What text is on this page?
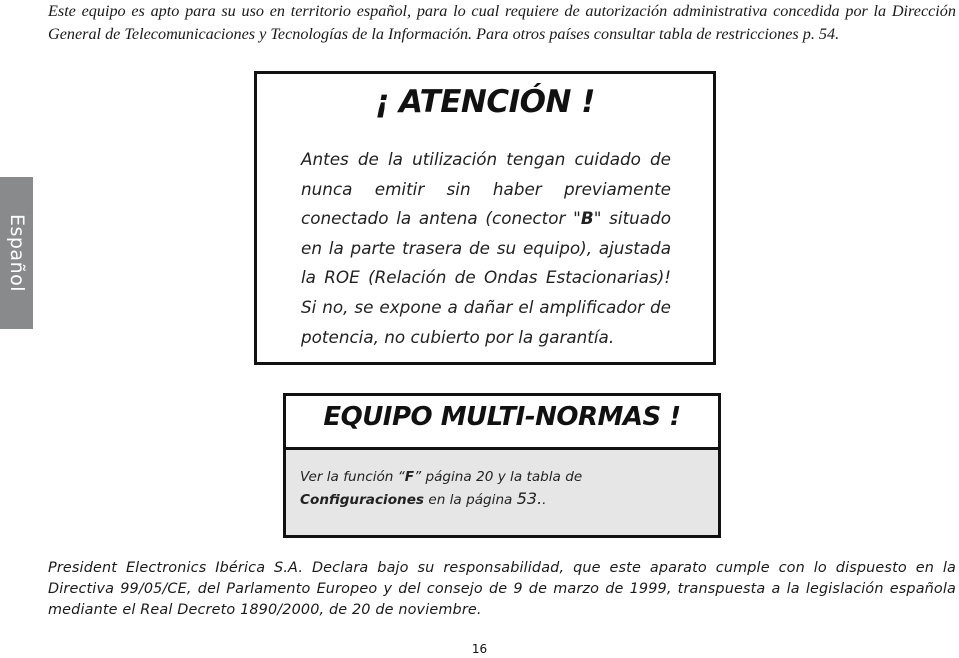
Este equipo es apto para su uso en territorio español, para lo cual requiere de autorización administrativa concedida por la Dirección General de Telecomunicaciones y Tecnologías de la Información. Para otros países consultar tabla de restricciones p. 54.

Español
¡ ATENCIÓN !

Antes de la utilización tengan cuidado de nunca emitir sin haber previamente conectado la antena (conector "B" situado en la parte trasera de su equipo), ajustada la ROE (Relación de Ondas Estacionarias)! Si no, se expone a dañar el amplificador de potencia, no cubierto por la garantía.

EQUIPO MULTI-NORMAS !

Ver la función “F” página 20 y la tabla de Configuraciones en la página 53..

President Electronics Ibérica S.A. Declara bajo su responsabilidad, que este aparato cumple con lo dispuesto en la Directiva 99/05/CE, del Parlamento Europeo y del consejo de 9 de marzo de 1999, transpuesta a la legislación española mediante el Real Decreto 1890/2000, de 20 de noviembre.

16
